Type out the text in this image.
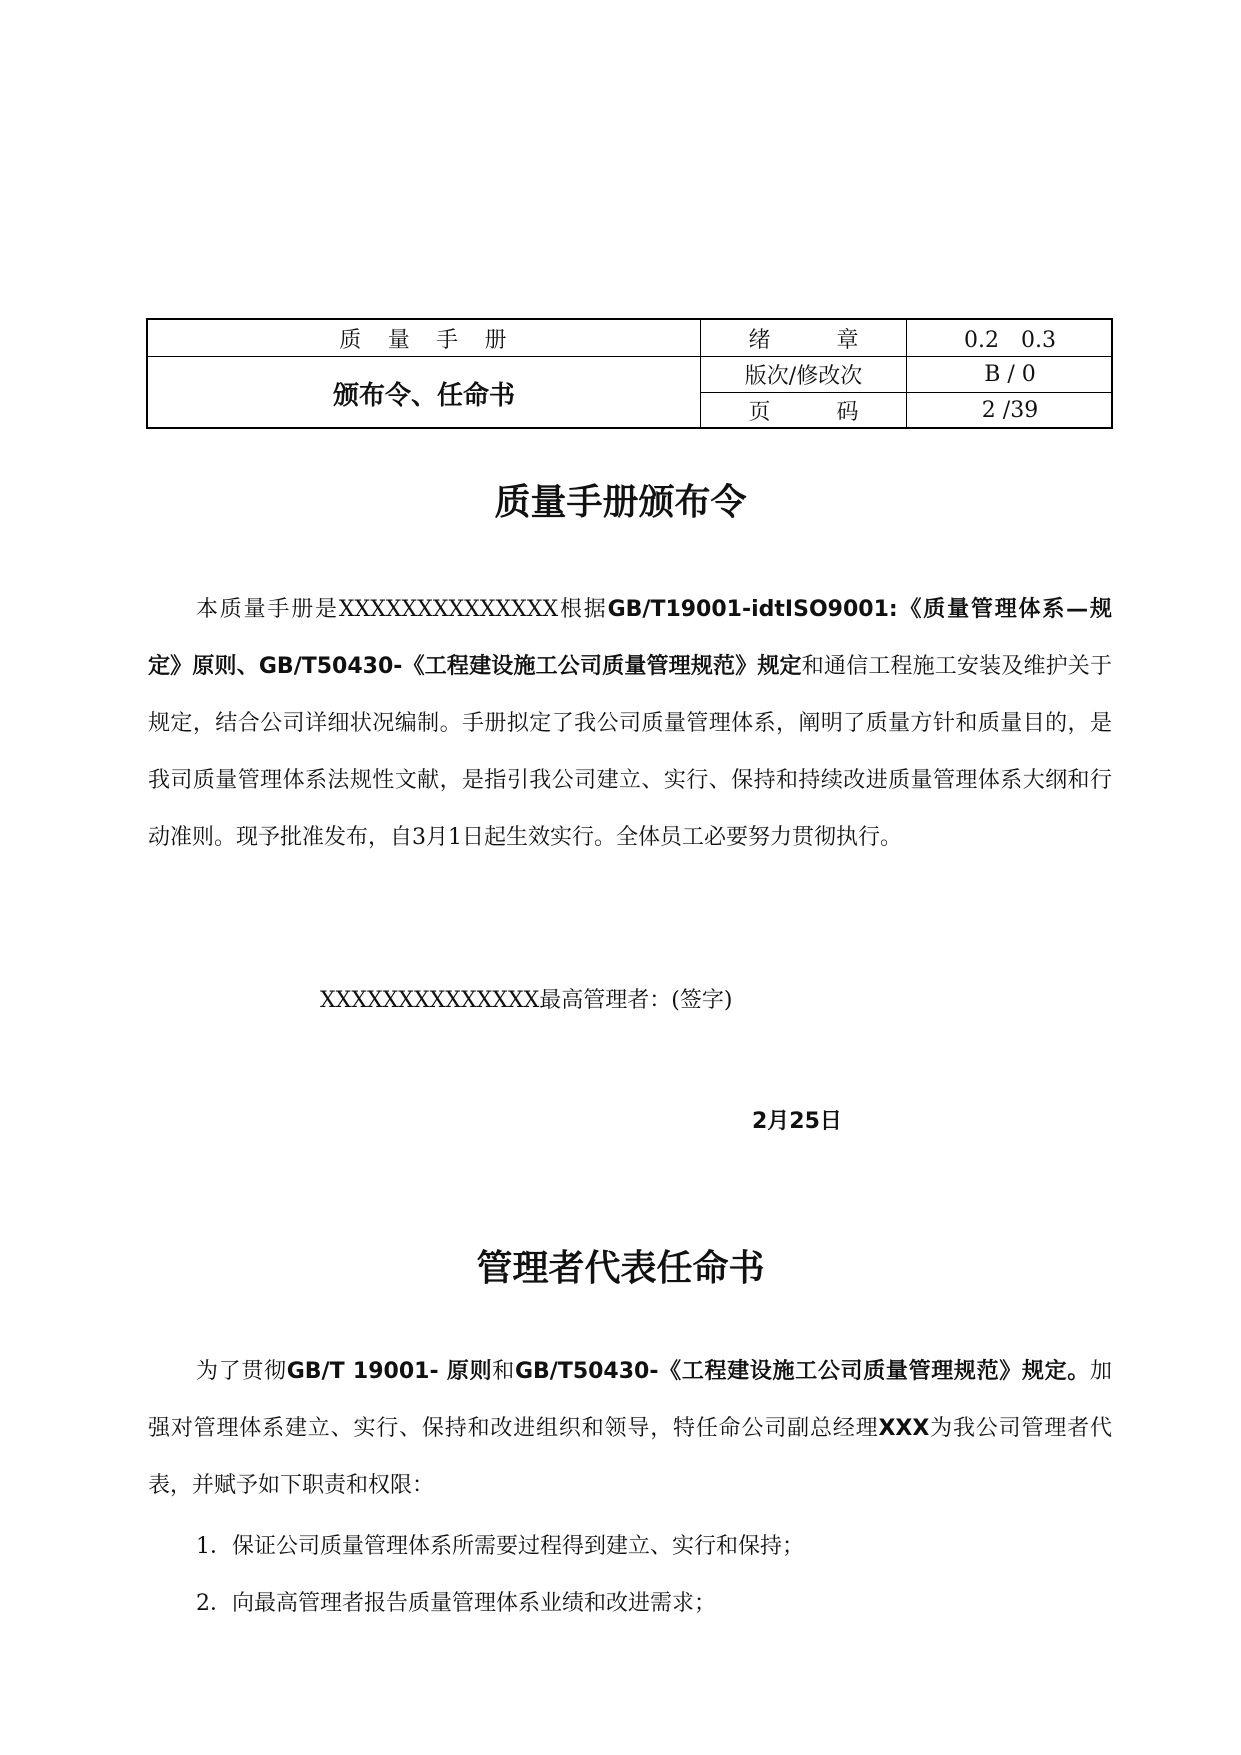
质　量　手　册
颁布令、任命书
绪　　　章	0.2　0.3
版次/修改次	B / 0
页　　　码	2 /39
质量手册颁布令

本质量手册是XXXXXXXXXXXXXX根据GB/T19001-idtISO9001:《质量管理体系—规定》原则、GB/T50430-《工程建设施工公司质量管理规范》规定和通信工程施工安装及维护关于规定，结合公司详细状况编制。手册拟定了我公司质量管理体系，阐明了质量方针和质量目的，是我司质量管理体系法规性文献，是指引我公司建立、实行、保持和持续改进质量管理体系大纲和行动准则。现予批准发布，自3月1日起生效实行。全体员工必要努力贯彻执行。

XXXXXXXXXXXXXX最高管理者：(签字)
2月25日
管理者代表任命书

为了贯彻GB/T 19001- 原则和GB/T50430-《工程建设施工公司质量管理规范》规定。加强对管理体系建立、实行、保持和改进组织和领导，特任命公司副总经理XXX为我公司管理者代表，并赋予如下职责和权限：

1．保证公司质量管理体系所需要过程得到建立、实行和保持；
2．向最高管理者报告质量管理体系业绩和改进需求；
